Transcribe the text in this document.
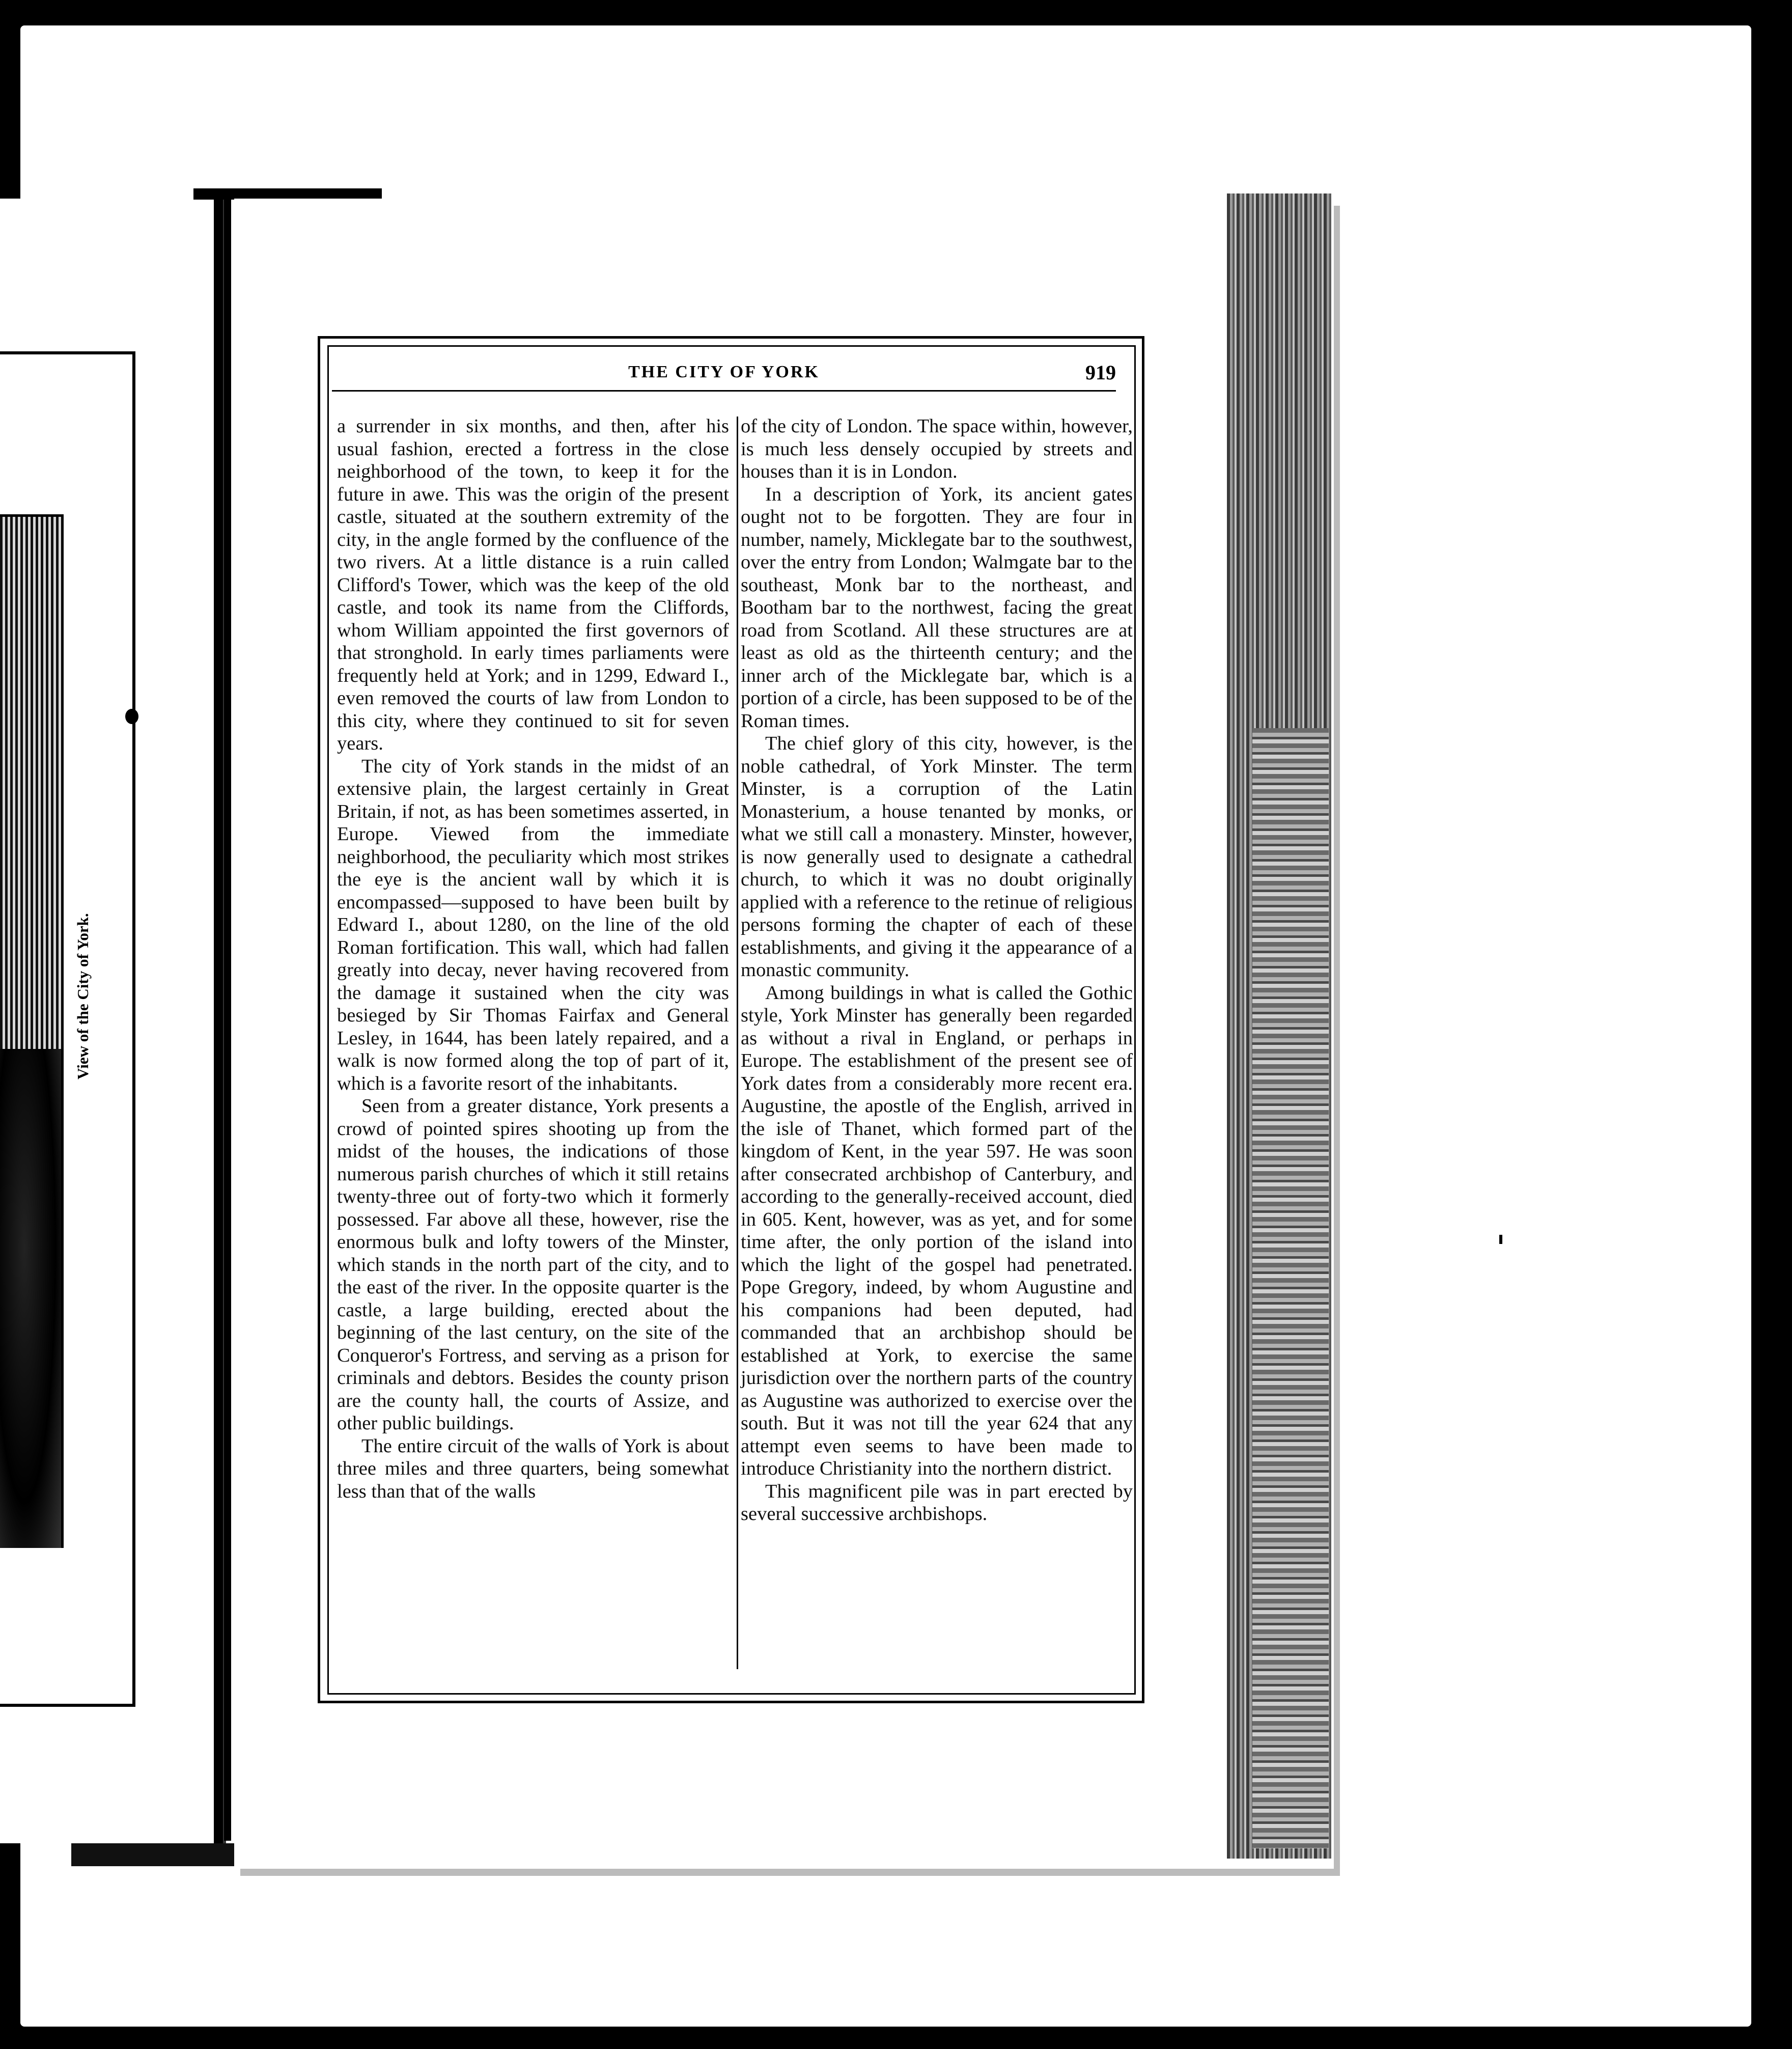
View of the City of York.
THE CITY OF YORK	919

a surrender in six months, and then, after his usual fashion, erected a fortress in the close neighborhood of the town, to keep it for the future in awe. This was the origin of the present castle, situated at the southern extremity of the city, in the angle formed by the confluence of the two rivers. At a little distance is a ruin called Clifford's Tower, which was the keep of the old castle, and took its name from the Cliffords, whom William appointed the first governors of that stronghold. In early times parliaments were frequently held at York; and in 1299, Edward I., even removed the courts of law from London to this city, where they continued to sit for seven years.

The city of York stands in the midst of an extensive plain, the largest certainly in Great Britain, if not, as has been sometimes asserted, in Europe. Viewed from the immediate neighborhood, the peculiarity which most strikes the eye is the ancient wall by which it is encompassed—supposed to have been built by Edward I., about 1280, on the line of the old Roman fortification. This wall, which had fallen greatly into decay, never having recovered from the damage it sustained when the city was besieged by Sir Thomas Fairfax and General Lesley, in 1644, has been lately repaired, and a walk is now formed along the top of part of it, which is a favorite resort of the inhabitants.

Seen from a greater distance, York presents a crowd of pointed spires shooting up from the midst of the houses, the indications of those numerous parish churches of which it still retains twenty-three out of forty-two which it formerly possessed. Far above all these, however, rise the enormous bulk and lofty towers of the Minster, which stands in the north part of the city, and to the east of the river. In the opposite quarter is the castle, a large building, erected about the beginning of the last century, on the site of the Conqueror's Fortress, and serving as a prison for criminals and debtors. Besides the county prison are the county hall, the courts of Assize, and other public buildings.

The entire circuit of the walls of York is about three miles and three quarters, being somewhat less than that of the walls

of the city of London. The space within, however, is much less densely occupied by streets and houses than it is in London.

In a description of York, its ancient gates ought not to be forgotten. They are four in number, namely, Micklegate bar to the southwest, over the entry from London; Walmgate bar to the southeast, Monk bar to the northeast, and Bootham bar to the northwest, facing the great road from Scotland. All these structures are at least as old as the thirteenth century; and the inner arch of the Micklegate bar, which is a portion of a circle, has been supposed to be of the Roman times.

The chief glory of this city, however, is the noble cathedral, of York Minster. The term Minster, is a corruption of the Latin Monasterium, a house tenanted by monks, or what we still call a monastery. Minster, however, is now generally used to designate a cathedral church, to which it was no doubt originally applied with a reference to the retinue of religious persons forming the chapter of each of these establishments, and giving it the appearance of a monastic community.

Among buildings in what is called the Gothic style, York Minster has generally been regarded as without a rival in England, or perhaps in Europe. The establishment of the present see of York dates from a considerably more recent era. Augustine, the apostle of the English, arrived in the isle of Thanet, which formed part of the kingdom of Kent, in the year 597. He was soon after consecrated archbishop of Canterbury, and according to the generally-received account, died in 605. Kent, however, was as yet, and for some time after, the only portion of the island into which the light of the gospel had penetrated. Pope Gregory, indeed, by whom Augustine and his companions had been deputed, had commanded that an archbishop should be established at York, to exercise the same jurisdiction over the northern parts of the country as Augustine was authorized to exercise over the south. But it was not till the year 624 that any attempt even seems to have been made to introduce Christianity into the northern district.

This magnificent pile was in part erected by several successive archbishops.
